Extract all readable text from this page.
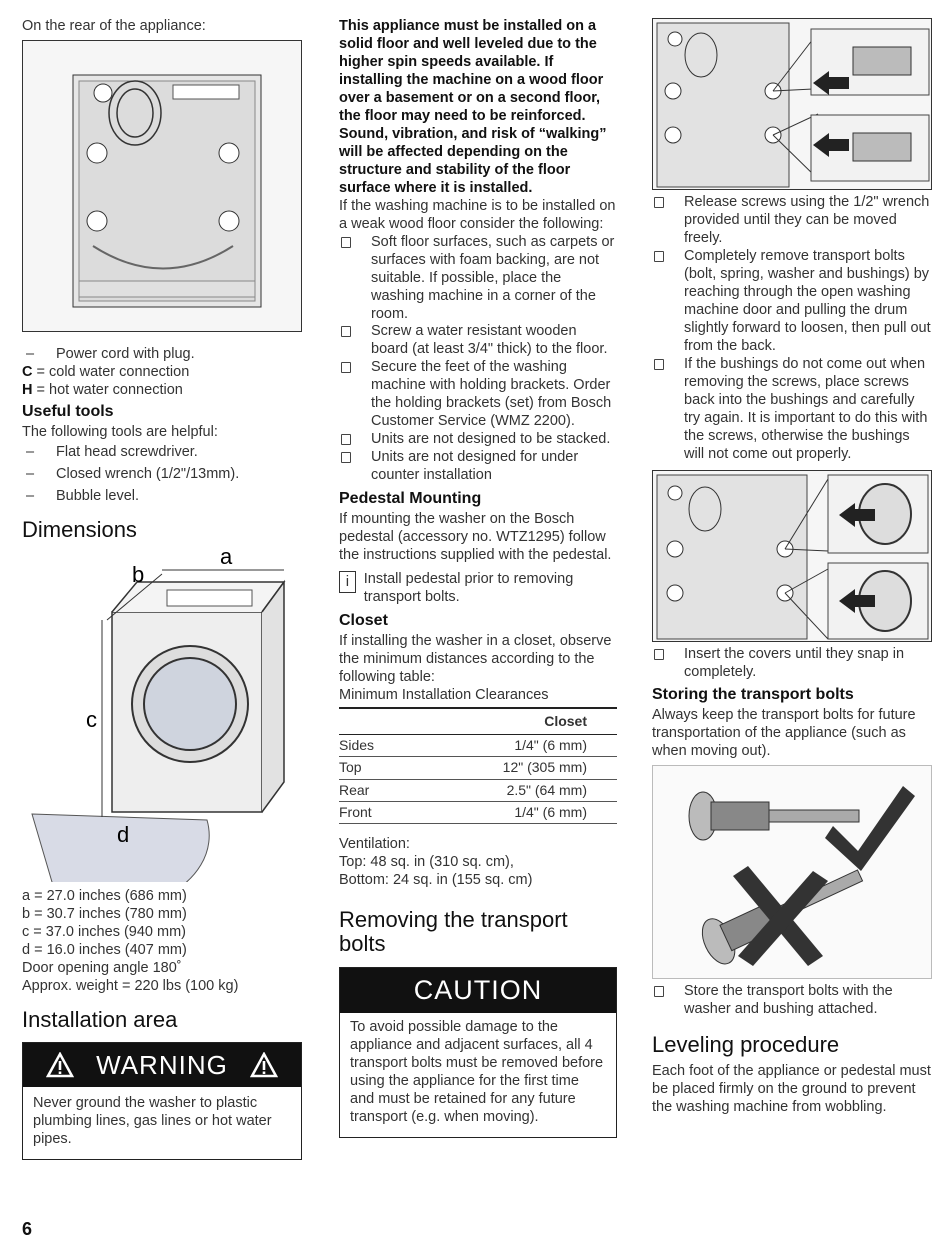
On the rear of the appliance:
– Power cord with plug.
C = cold water connection
H = hot water connection
Useful tools
The following tools are helpful:
– Flat head screwdriver.
– Closed wrench (1/2"/13mm).
– Bubble level.
Dimensions
a
b
c
d
a = 27.0 inches (686 mm)
b = 30.7 inches (780 mm)
c = 37.0 inches (940 mm)
d = 16.0 inches (407 mm)
Door opening angle 180˚
Approx. weight = 220 lbs (100 kg)
Installation area
WARNING
Never ground the washer to plastic plumbing lines, gas lines or hot water pipes.
This appliance must be installed on a solid floor and well leveled due to the higher spin speeds available. If installing the machine on a wood floor over a basement or on a second floor, the floor may need to be reinforced. Sound, vibration, and risk of “walking” will be affected depending on the structure and stability of the floor surface where it is installed.
If the washing machine is to be installed on a weak wood floor consider the following:
Soft floor surfaces, such as carpets or surfaces with foam backing, are not suitable. If possible, place the washing machine in a corner of the room.
Screw a water resistant wooden board (at least 3/4" thick) to the floor.
Secure the feet of the washing machine with holding brackets. Order the holding brackets (set) from Bosch Customer Service (WMZ 2200).
Units are not designed to be stacked.
Units are not designed for under counter installation
Pedestal Mounting
If mounting the washer on the Bosch pedestal (accessory no. WTZ1295) follow the instructions supplied with the pedestal.
i	Install pedestal prior to removing transport bolts.
Closet
If installing the washer in a closet, observe the minimum distances according to the following table:
Minimum Installation Clearances
	Closet
Sides	1/4" (6 mm)
Top	12" (305 mm)
Rear	2.5" (64 mm)
Front	1/4" (6 mm)
Ventilation:
Top: 48 sq. in (310 sq. cm),
Bottom: 24 sq. in (155 sq. cm)
Removing the transport bolts
CAUTION
To avoid possible damage to the appliance and adjacent surfaces, all 4 transport bolts must be removed before using the appliance for the first time and must be retained for any future transport (e.g. when moving).
Release screws using the 1/2" wrench provided until they can be moved freely.
Completely remove transport bolts (bolt, spring, washer and bushings) by reaching through the open washing machine door and pulling the drum slightly forward to loosen, then pull out from the back.
If the bushings do not come out when removing the screws, place screws back into the bushings and carefully try again. It is important to do this with the screws, otherwise the bushings will not come out properly.
Insert the covers until they snap in completely.
Storing the transport bolts
Always keep the transport bolts for future transportation of the appliance (such as when moving out).
Store the transport bolts with the washer and bushing attached.
Leveling procedure
Each foot of the appliance or pedestal must be placed firmly on the ground to prevent the washing machine from wobbling.
6
